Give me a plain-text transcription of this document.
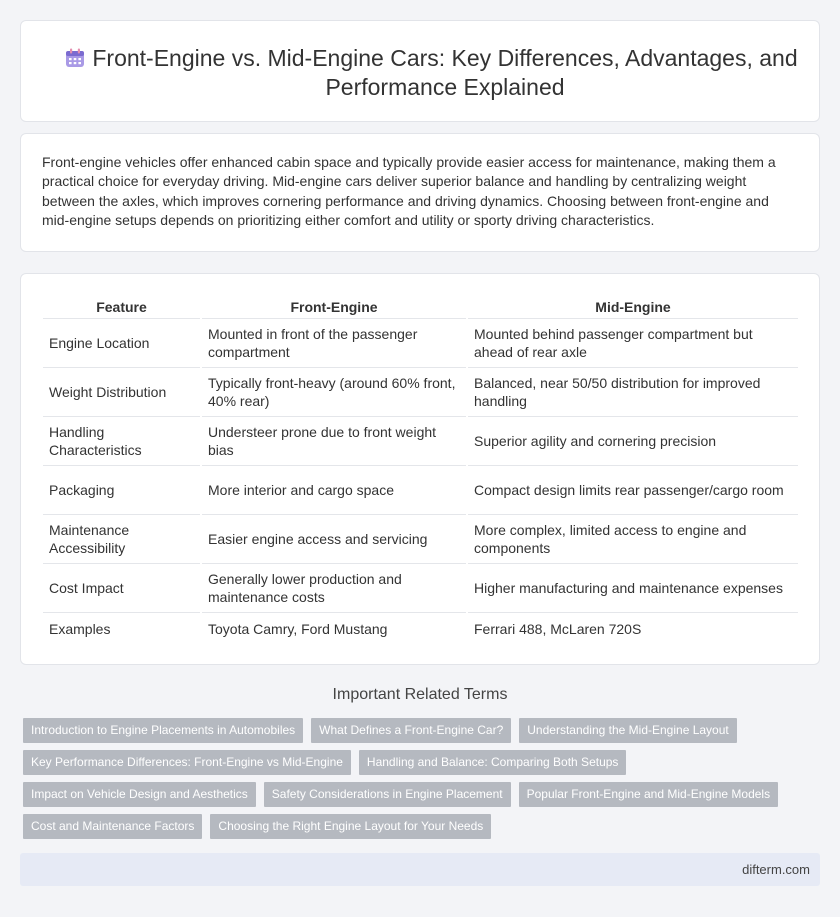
Front-Engine vs. Mid-Engine Cars: Key Differences, Advantages, and Performance Explained

Front-engine vehicles offer enhanced cabin space and typically provide easier access for maintenance, making them a practical choice for everyday driving. Mid-engine cars deliver superior balance and handling by centralizing weight between the axles, which improves cornering performance and driving dynamics. Choosing between front-engine and mid-engine setups depends on prioritizing either comfort and utility or sporty driving characteristics.

Feature	Front-Engine	Mid-Engine
Engine Location	Mounted in front of the passenger compartment	Mounted behind passenger compartment but ahead of rear axle
Weight Distribution	Typically front-heavy (around 60% front, 40% rear)	Balanced, near 50/50 distribution for improved handling
Handling Characteristics	Understeer prone due to front weight bias	Superior agility and cornering precision
Packaging	More interior and cargo space	Compact design limits rear passenger/cargo room
Maintenance Accessibility	Easier engine access and servicing	More complex, limited access to engine and components
Cost Impact	Generally lower production and maintenance costs	Higher manufacturing and maintenance expenses
Examples	Toyota Camry, Ford Mustang	Ferrari 488, McLaren 720S
Important Related Terms
Introduction to Engine Placements in Automobiles	What Defines a Front-Engine Car?	Understanding the Mid-Engine Layout
Key Performance Differences: Front-Engine vs Mid-Engine	Handling and Balance: Comparing Both Setups
Impact on Vehicle Design and Aesthetics	Safety Considerations in Engine Placement	Popular Front-Engine and Mid-Engine Models
Cost and Maintenance Factors	Choosing the Right Engine Layout for Your Needs
difterm.com
